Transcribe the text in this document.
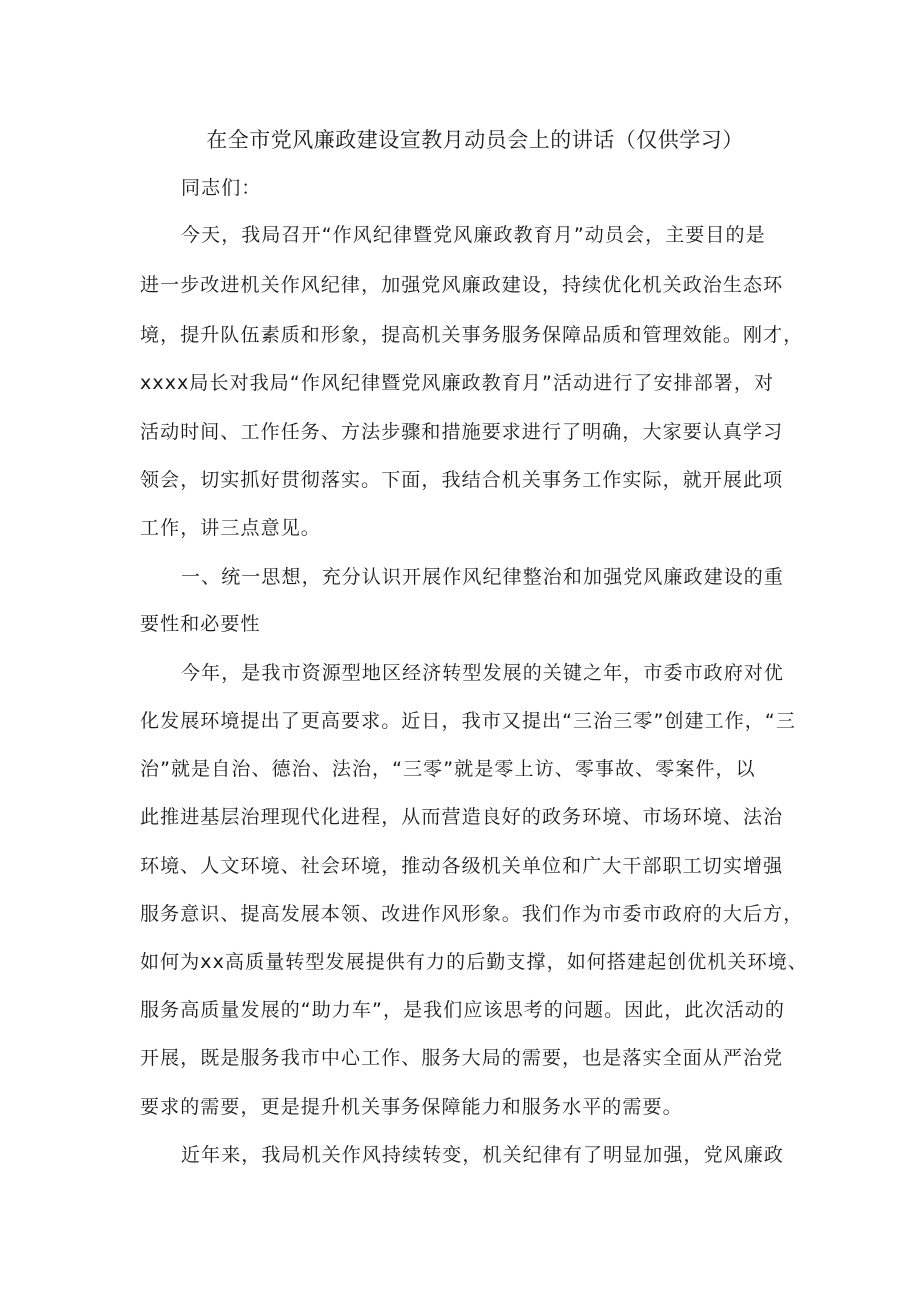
在全市党风廉政建设宣教月动员会上的讲话（仅供学习）

同志们：

今天，我局召开“作风纪律暨党风廉政教育月”动员会，主要目的是

进一步改进机关作风纪律，加强党风廉政建设，持续优化机关政治生态环

境，提升队伍素质和形象，提高机关事务服务保障品质和管理效能。刚才，

xxxx局长对我局“作风纪律暨党风廉政教育月”活动进行了安排部署，对

活动时间、工作任务、方法步骤和措施要求进行了明确，大家要认真学习

领会，切实抓好贯彻落实。下面，我结合机关事务工作实际，就开展此项

工作，讲三点意见。

一、统一思想，充分认识开展作风纪律整治和加强党风廉政建设的重

要性和必要性

今年，是我市资源型地区经济转型发展的关键之年，市委市政府对优

化发展环境提出了更高要求。近日，我市又提出“三治三零”创建工作，“三

治”就是自治、德治、法治，“三零”就是零上访、零事故、零案件，以

此推进基层治理现代化进程，从而营造良好的政务环境、市场环境、法治

环境、人文环境、社会环境，推动各级机关单位和广大干部职工切实增强

服务意识、提高发展本领、改进作风形象。我们作为市委市政府的大后方，

如何为xx高质量转型发展提供有力的后勤支撑，如何搭建起创优机关环境、

服务高质量发展的“助力车”，是我们应该思考的问题。因此，此次活动的

开展，既是服务我市中心工作、服务大局的需要，也是落实全面从严治党

要求的需要，更是提升机关事务保障能力和服务水平的需要。

近年来，我局机关作风持续转变，机关纪律有了明显加强，党风廉政
